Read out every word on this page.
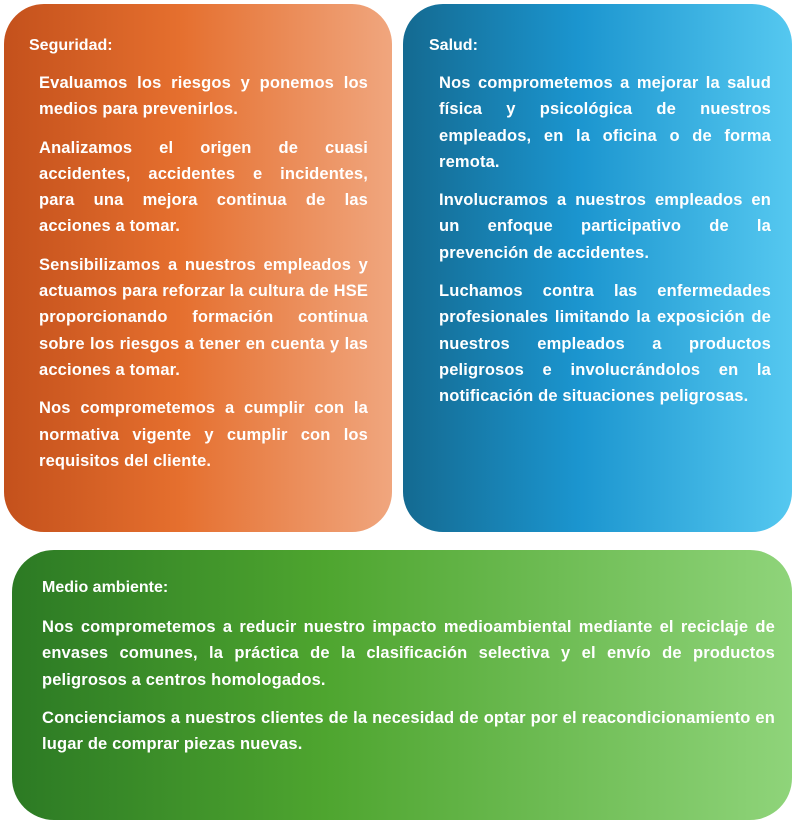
Seguridad:

Evaluamos los riesgos y ponemos los medios para prevenirlos.

Analizamos el origen de cuasi accidentes, accidentes e incidentes, para una mejora continua de las acciones a tomar.

Sensibilizamos a nuestros empleados y actuamos para reforzar la cultura de HSE proporcionando formación continua sobre los riesgos a tener en cuenta y las acciones a tomar.

Nos comprometemos a cumplir con la normativa vigente y cumplir con los requisitos del cliente.

Salud:

Nos comprometemos a mejorar la salud física y psicológica de nuestros empleados, en la oficina o de forma remota.

Involucramos a nuestros empleados en un enfoque participativo de la prevención de accidentes.

Luchamos contra las enfermedades profesionales limitando la exposición de nuestros empleados a productos peligrosos e involucrándolos en la notificación de situaciones peligrosas.

Medio ambiente:

Nos comprometemos a reducir nuestro impacto medioambiental mediante el reciclaje de envases comunes, la práctica de la clasificación selectiva y el envío de productos peligrosos a centros homologados.

Concienciamos a nuestros clientes de la necesidad de optar por el reacondicionamiento en lugar de comprar piezas nuevas.
